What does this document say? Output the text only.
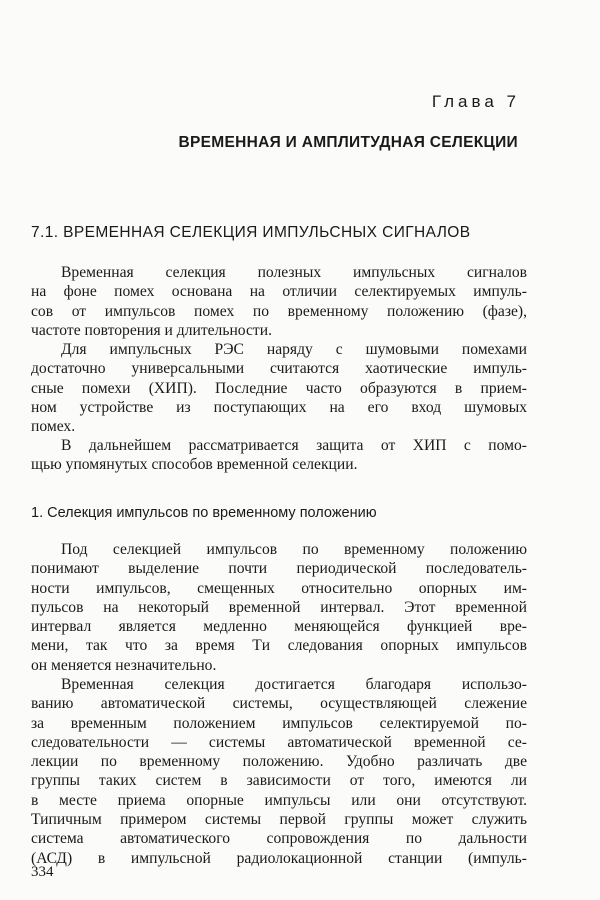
Глава 7
ВРЕМЕННАЯ И АМПЛИТУДНАЯ СЕЛЕКЦИИ
7.1. ВРЕМЕННАЯ СЕЛЕКЦИЯ ИМПУЛЬСНЫХ СИГНАЛОВ
Временная селекция полезных импульсных сигналов
на фоне помех основана на отличии селектируемых импуль-
сов от импульсов помех по временному положению (фазе),
частоте повторения и длительности.
Для импульсных РЭС наряду с шумовыми помехами
достаточно универсальными считаются хаотические импуль-
сные помехи (ХИП). Последние часто образуются в прием-
ном устройстве из поступающих на его вход шумовых
помех.
В дальнейшем рассматривается защита от ХИП с помо-
щью упомянутых способов временной селекции.
1. Селекция импульсов по временному положению
Под селекцией импульсов по временному положению
понимают выделение почти периодической последователь-
ности импульсов, смещенных относительно опорных им-
пульсов на некоторый временной интервал. Этот временной
интервал является медленно меняющейся функцией вре-
мени, так что за время Tи следования опорных импульсов
он меняется незначительно.
Временная селекция достигается благодаря использо-
ванию автоматической системы, осуществляющей слежение
за временным положением импульсов селектируемой по-
следовательности — системы автоматической временной се-
лекции по временному положению. Удобно различать две
группы таких систем в зависимости от того, имеются ли
в месте приема опорные импульсы или они отсутствуют.
Типичным примером системы первой группы может служить
система автоматического сопровождения по дальности
(АСД) в импульсной радиолокационной станции (импуль-
334
